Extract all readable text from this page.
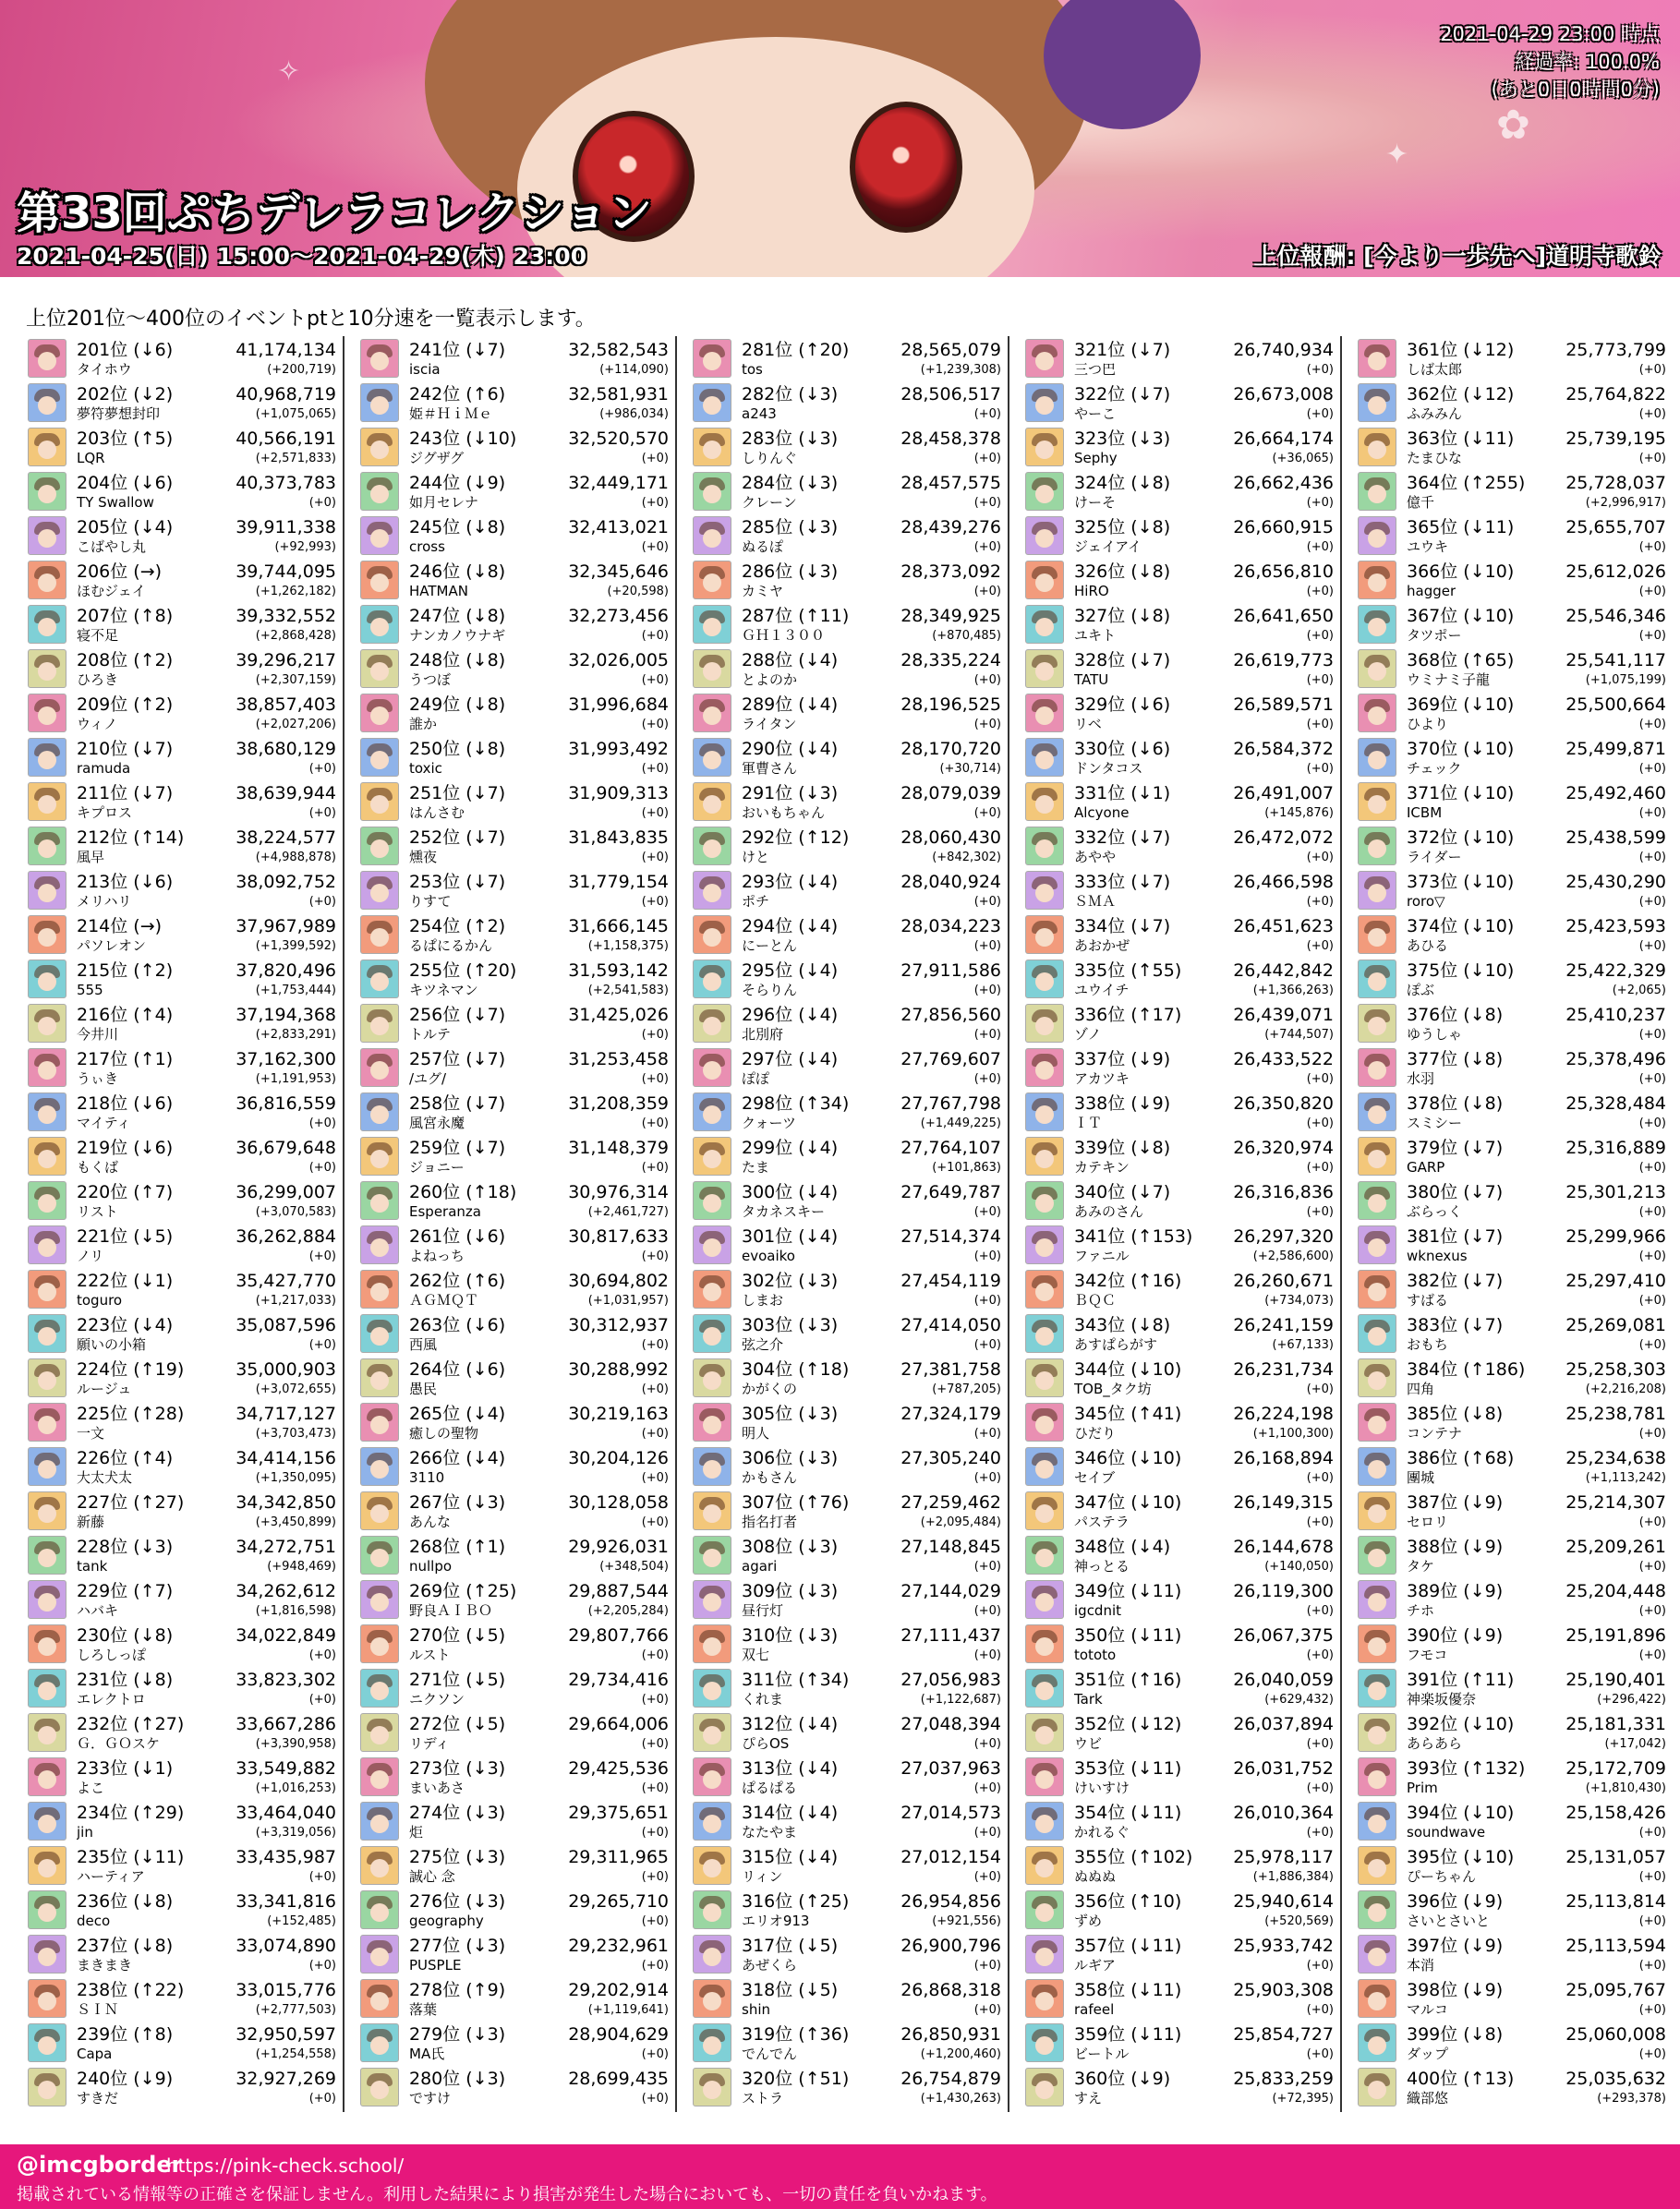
✦
✧
✿
2021-04-29 23:00 時点
経過率: 100.0%
(あと0日0時間0分)
第33回ぷちデレラコレクション
2021-04-25(日) 15:00〜2021-04-29(木) 23:00	上位報酬: [今より一歩先へ]道明寺歌鈴
上位201位〜400位のイベントptと10分速を一覧表示します。
201位 (↓6)	41,174,134
タイホウ	(+200,719)
202位 (↓2)	40,968,719
夢符夢想封印	(+1,075,065)
203位 (↑5)	40,566,191
LQR	(+2,571,833)
204位 (↓6)	40,373,783
TY Swallow	(+0)
205位 (↓4)	39,911,338
こばやし丸	(+92,993)
206位 (→)	39,744,095
ほむジェイ	(+1,262,182)
207位 (↑8)	39,332,552
寝不足	(+2,868,428)
208位 (↑2)	39,296,217
ひろき	(+2,307,159)
209位 (↑2)	38,857,403
ウィノ	(+2,027,206)
210位 (↓7)	38,680,129
ramuda	(+0)
211位 (↓7)	38,639,944
キプロス	(+0)
212位 (↑14)	38,224,577
風早	(+4,988,878)
213位 (↓6)	38,092,752
メリハリ	(+0)
214位 (→)	37,967,989
パソレオン	(+1,399,592)
215位 (↑2)	37,820,496
555	(+1,753,444)
216位 (↑4)	37,194,368
今井川	(+2,833,291)
217位 (↑1)	37,162,300
うぃき	(+1,191,953)
218位 (↓6)	36,816,559
マイティ	(+0)
219位 (↓6)	36,679,648
もくば	(+0)
220位 (↑7)	36,299,007
リスト	(+3,070,583)
221位 (↓5)	36,262,884
ノリ	(+0)
222位 (↓1)	35,427,770
toguro	(+1,217,033)
223位 (↓4)	35,087,596
願いの小箱	(+0)
224位 (↑19)	35,000,903
ルージュ	(+3,072,655)
225位 (↑28)	34,717,127
一文	(+3,703,473)
226位 (↑4)	34,414,156
大太犬太	(+1,350,095)
227位 (↑27)	34,342,850
新藤	(+3,450,899)
228位 (↓3)	34,272,751
tank	(+948,469)
229位 (↑7)	34,262,612
ハバキ	(+1,816,598)
230位 (↓8)	34,022,849
しろしっぽ	(+0)
231位 (↓8)	33,823,302
エレクトロ	(+0)
232位 (↑27)	33,667,286
Ｇ．ＧＯスケ	(+3,390,958)
233位 (↓1)	33,549,882
よこ	(+1,016,253)
234位 (↑29)	33,464,040
jin	(+3,319,056)
235位 (↓11)	33,435,987
ハーティア	(+0)
236位 (↓8)	33,341,816
deco	(+152,485)
237位 (↓8)	33,074,890
まきまき	(+0)
238位 (↑22)	33,015,776
ＳＩＮ	(+2,777,503)
239位 (↑8)	32,950,597
Capa	(+1,254,558)
240位 (↓9)	32,927,269
すきだ	(+0)
241位 (↓7)	32,582,543
iscia	(+114,090)
242位 (↑6)	32,581,931
姫＃ＨｉＭｅ	(+986,034)
243位 (↓10)	32,520,570
ジグザグ	(+0)
244位 (↓9)	32,449,171
如月セレナ	(+0)
245位 (↓8)	32,413,021
cross	(+0)
246位 (↓8)	32,345,646
HATMAN	(+20,598)
247位 (↓8)	32,273,456
ナンカノウナギ	(+0)
248位 (↓8)	32,026,005
うつぼ	(+0)
249位 (↓8)	31,996,684
誰か	(+0)
250位 (↓8)	31,993,492
toxic	(+0)
251位 (↓7)	31,909,313
はんさむ	(+0)
252位 (↓7)	31,843,835
燻夜	(+0)
253位 (↓7)	31,779,154
りすて	(+0)
254位 (↑2)	31,666,145
るぱにるかん	(+1,158,375)
255位 (↑20)	31,593,142
キツネマン	(+2,541,583)
256位 (↓7)	31,425,026
トルテ	(+0)
257位 (↓7)	31,253,458
/ユグ/	(+0)
258位 (↓7)	31,208,359
風宮永魔	(+0)
259位 (↓7)	31,148,379
ジョニー	(+0)
260位 (↑18)	30,976,314
Esperanza	(+2,461,727)
261位 (↓6)	30,817,633
よねっち	(+0)
262位 (↑6)	30,694,802
ＡＧＭＱＴ	(+1,031,957)
263位 (↓6)	30,312,937
西風	(+0)
264位 (↓6)	30,288,992
愚民	(+0)
265位 (↓4)	30,219,163
癒しの聖物	(+0)
266位 (↓4)	30,204,126
3110	(+0)
267位 (↓3)	30,128,058
あんな	(+0)
268位 (↑1)	29,926,031
nullpo	(+348,504)
269位 (↑25)	29,887,544
野良ＡＩＢＯ	(+2,205,284)
270位 (↓5)	29,807,766
ルスト	(+0)
271位 (↓5)	29,734,416
ニクソン	(+0)
272位 (↓5)	29,664,006
リディ	(+0)
273位 (↓3)	29,425,536
まいあさ	(+0)
274位 (↓3)	29,375,651
炬	(+0)
275位 (↓3)	29,311,965
誠心 念	(+0)
276位 (↓3)	29,265,710
geography	(+0)
277位 (↓3)	29,232,961
PUSPLE	(+0)
278位 (↑9)	29,202,914
落葉	(+1,119,641)
279位 (↓3)	28,904,629
MA氏	(+0)
280位 (↓3)	28,699,435
ですけ	(+0)
281位 (↑20)	28,565,079
tos	(+1,239,308)
282位 (↓3)	28,506,517
a243	(+0)
283位 (↓3)	28,458,378
しりんぐ	(+0)
284位 (↓3)	28,457,575
クレーン	(+0)
285位 (↓3)	28,439,276
ぬるぽ	(+0)
286位 (↓3)	28,373,092
カミヤ	(+0)
287位 (↑11)	28,349,925
ＧＨ１３００	(+870,485)
288位 (↓4)	28,335,224
とよのか	(+0)
289位 (↓4)	28,196,525
ライタン	(+0)
290位 (↓4)	28,170,720
軍曹さん	(+30,714)
291位 (↓3)	28,079,039
おいもちゃん	(+0)
292位 (↑12)	28,060,430
けと	(+842,302)
293位 (↓4)	28,040,924
ポチ	(+0)
294位 (↓4)	28,034,223
にーとん	(+0)
295位 (↓4)	27,911,586
そらりん	(+0)
296位 (↓4)	27,856,560
北別府	(+0)
297位 (↓4)	27,769,607
ぽぽ	(+0)
298位 (↑34)	27,767,798
クォーツ	(+1,449,225)
299位 (↓4)	27,764,107
たま	(+101,863)
300位 (↓4)	27,649,787
タカネスキー	(+0)
301位 (↓4)	27,514,374
evoaiko	(+0)
302位 (↓3)	27,454,119
しまお	(+0)
303位 (↓3)	27,414,050
弦之介	(+0)
304位 (↑18)	27,381,758
かがくの	(+787,205)
305位 (↓3)	27,324,179
明人	(+0)
306位 (↓3)	27,305,240
かもさん	(+0)
307位 (↑76)	27,259,462
指名打者	(+2,095,484)
308位 (↓3)	27,148,845
agari	(+0)
309位 (↓3)	27,144,029
昼行灯	(+0)
310位 (↓3)	27,111,437
双七	(+0)
311位 (↑34)	27,056,983
くれま	(+1,122,687)
312位 (↓4)	27,048,394
ぴらOS	(+0)
313位 (↓4)	27,037,963
ぱるぱる	(+0)
314位 (↓4)	27,014,573
なたやま	(+0)
315位 (↓4)	27,012,154
リィン	(+0)
316位 (↑25)	26,954,856
エリオ913	(+921,556)
317位 (↓5)	26,900,796
あぜくら	(+0)
318位 (↓5)	26,868,318
shin	(+0)
319位 (↑36)	26,850,931
でんでん	(+1,200,460)
320位 (↑51)	26,754,879
ストラ	(+1,430,263)
321位 (↓7)	26,740,934
三つ巴	(+0)
322位 (↓7)	26,673,008
やーこ	(+0)
323位 (↓3)	26,664,174
Sephy	(+36,065)
324位 (↓8)	26,662,436
けーそ	(+0)
325位 (↓8)	26,660,915
ジェイアイ	(+0)
326位 (↓8)	26,656,810
HiRO	(+0)
327位 (↓8)	26,641,650
ユキト	(+0)
328位 (↓7)	26,619,773
TATU	(+0)
329位 (↓6)	26,589,571
リベ	(+0)
330位 (↓6)	26,584,372
ドンタコス	(+0)
331位 (↓1)	26,491,007
Alcyone	(+145,876)
332位 (↓7)	26,472,072
あやや	(+0)
333位 (↓7)	26,466,598
ＳＭＡ	(+0)
334位 (↓7)	26,451,623
あおかぜ	(+0)
335位 (↑55)	26,442,842
ユウイチ	(+1,366,263)
336位 (↑17)	26,439,071
ゾノ	(+744,507)
337位 (↓9)	26,433,522
アカツキ	(+0)
338位 (↓9)	26,350,820
ＩＴ	(+0)
339位 (↓8)	26,320,974
カテキン	(+0)
340位 (↓7)	26,316,836
あみのさん	(+0)
341位 (↑153) 26,297,320
ファニル	(+2,586,600)
342位 (↑16)	26,260,671
ＢＱＣ	(+734,073)
343位 (↓8)	26,241,159
あすぱらがす	(+67,133)
344位 (↓10)	26,231,734
TOB_タク坊	(+0)
345位 (↑41)	26,224,198
ひだり	(+1,100,300)
346位 (↓10)	26,168,894
セイブ	(+0)
347位 (↓10)	26,149,315
パステラ	(+0)
348位 (↓4)	26,144,678
神っとる	(+140,050)
349位 (↓11)	26,119,300
igcdnit	(+0)
350位 (↓11)	26,067,375
tototo	(+0)
351位 (↑16)	26,040,059
Tark	(+629,432)
352位 (↓12)	26,037,894
ウビ	(+0)
353位 (↓11)	26,031,752
けいすけ	(+0)
354位 (↓11)	26,010,364
かれるぐ	(+0)
355位 (↑102) 25,978,117
ぬぬぬ	(+1,886,384)
356位 (↑10)	25,940,614
ずめ	(+520,569)
357位 (↓11)	25,933,742
ルギア	(+0)
358位 (↓11)	25,903,308
rafeel	(+0)
359位 (↓11)	25,854,727
ビートル	(+0)
360位 (↓9)	25,833,259
すえ	(+72,395)
361位 (↓12)	25,773,799
しば太郎	(+0)
362位 (↓12)	25,764,822
ふみみん	(+0)
363位 (↓11)	25,739,195
たまひな	(+0)
364位 (↑255) 25,728,037
億千	(+2,996,917)
365位 (↓11)	25,655,707
ユウキ	(+0)
366位 (↓10)	25,612,026
hagger	(+0)
367位 (↓10)	25,546,346
タツポー	(+0)
368位 (↑65)	25,541,117
ウミナミ子龍	(+1,075,199)
369位 (↓10)	25,500,664
ひより	(+0)
370位 (↓10)	25,499,871
チェック	(+0)
371位 (↓10)	25,492,460
ICBM	(+0)
372位 (↓10)	25,438,599
ライダー	(+0)
373位 (↓10)	25,430,290
roro▽	(+0)
374位 (↓10)	25,423,593
あひる	(+0)
375位 (↓10)	25,422,329
ぽぶ	(+2,065)
376位 (↓8)	25,410,237
ゆうしゃ	(+0)
377位 (↓8)	25,378,496
水羽	(+0)
378位 (↓8)	25,328,484
スミシー	(+0)
379位 (↓7)	25,316,889
GARP	(+0)
380位 (↓7)	25,301,213
ぶらっく	(+0)
381位 (↓7)	25,299,966
wknexus	(+0)
382位 (↓7)	25,297,410
すばる	(+0)
383位 (↓7)	25,269,081
おもち	(+0)
384位 (↑186) 25,258,303
四角	(+2,216,208)
385位 (↓8)	25,238,781
コンテナ	(+0)
386位 (↑68)	25,234,638
團城	(+1,113,242)
387位 (↓9)	25,214,307
セロリ	(+0)
388位 (↓9)	25,209,261
タケ	(+0)
389位 (↓9)	25,204,448
チホ	(+0)
390位 (↓9)	25,191,896
フモコ	(+0)
391位 (↑11)	25,190,401
神楽坂優奈	(+296,422)
392位 (↓10)	25,181,331
あらあら	(+17,042)
393位 (↑132) 25,172,709
Prim	(+1,810,430)
394位 (↓10)	25,158,426
soundwave	(+0)
395位 (↓10)	25,131,057
ぴーちゃん	(+0)
396位 (↓9)	25,113,814
さいとさいと	(+0)
397位 (↓9)	25,113,594
本消	(+0)
398位 (↓9)	25,095,767
マルコ	(+0)
399位 (↓8)	25,060,008
ダップ	(+0)
400位 (↑13)	25,035,632
織部悠	(+293,378)
@imcgborder
https://pink-check.school/
掲載されている情報等の正確さを保証しません。利用した結果により損害が発生した場合においても、一切の責任を負いかねます。
